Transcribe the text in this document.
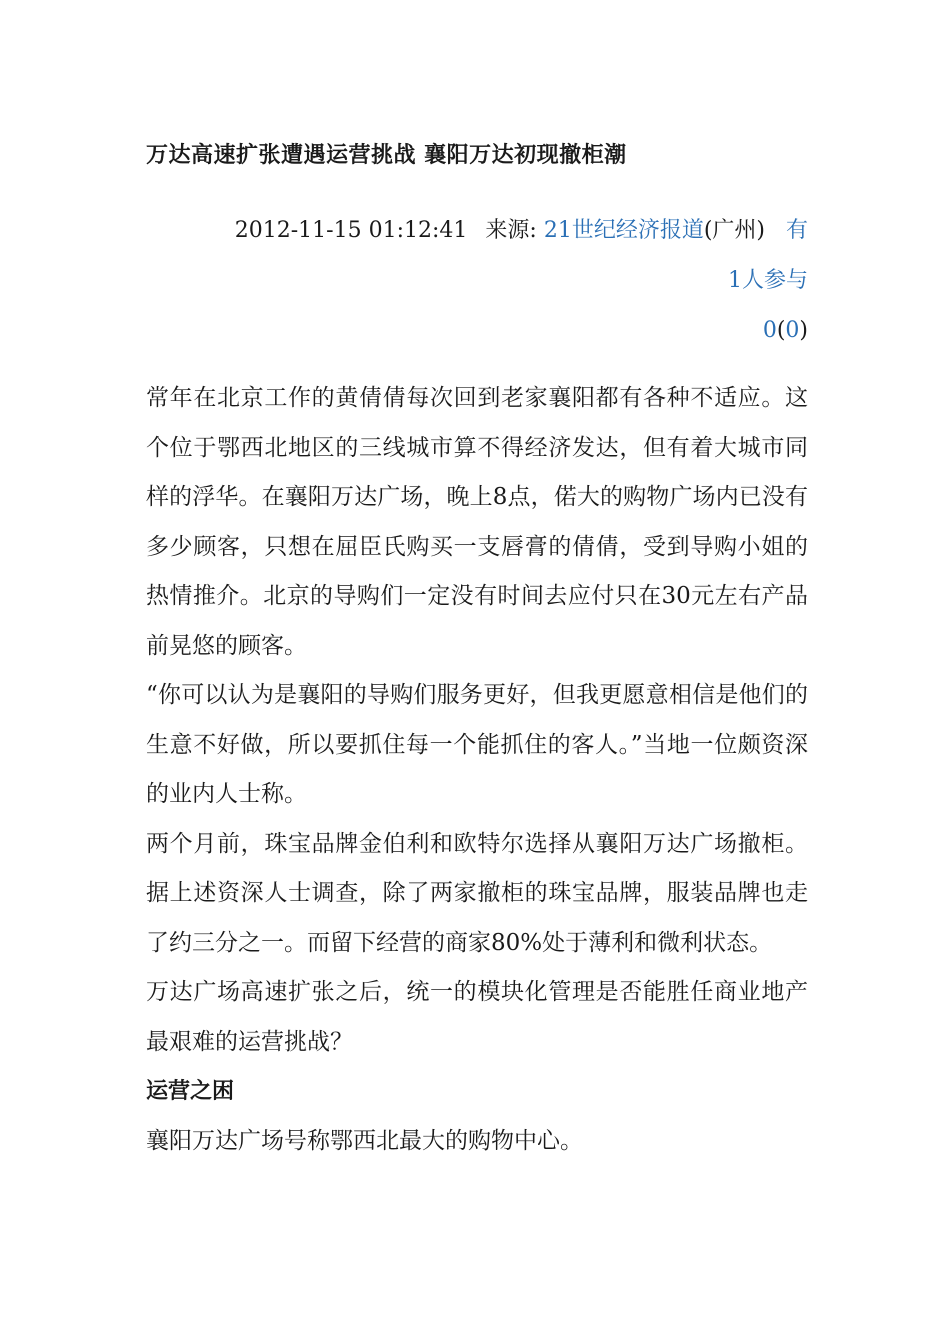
万达高速扩张遭遇运营挑战 襄阳万达初现撤柜潮
2012-11-15 01:12:41 来源: 21世纪经济报道(广州) 有
1人参与
0(0)

常年在北京工作的黄倩倩每次回到老家襄阳都有各种不适应。这个位于鄂西北地区的三线城市算不得经济发达，但有着大城市同样的浮华。在襄阳万达广场，晚上8点，偌大的购物广场内已没有多少顾客，只想在屈臣氏购买一支唇膏的倩倩，受到导购小姐的热情推介。北京的导购们一定没有时间去应付只在30元左右产品前晃悠的顾客。

“你可以认为是襄阳的导购们服务更好，但我更愿意相信是他们的生意不好做，所以要抓住每一个能抓住的客人。”当地一位颇资深的业内人士称。

两个月前，珠宝品牌金伯利和欧特尔选择从襄阳万达广场撤柜。据上述资深人士调查，除了两家撤柜的珠宝品牌，服装品牌也走了约三分之一。而留下经营的商家80%处于薄利和微利状态。

万达广场高速扩张之后，统一的模块化管理是否能胜任商业地产最艰难的运营挑战？

运营之困

襄阳万达广场号称鄂西北最大的购物中心。
